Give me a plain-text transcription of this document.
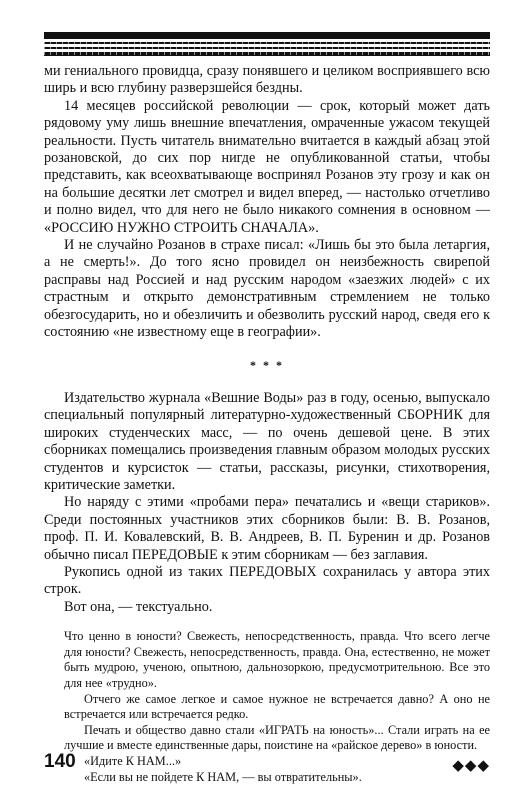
ми гениального провидца, сразу понявшего и целиком восприявшего всю ширь и всю глубину разверзшейся бездны.

14 месяцев российской революции — срок, который может дать рядовому уму лишь внешние впечатления, омраченные ужасом текущей реальности. Пусть читатель внимательно вчитается в каждый абзац этой розановской, до сих пор нигде не опубликованной статьи, чтобы представить, как всеохватывающе воспринял Розанов эту грозу и как он на большие десятки лет смотрел и видел вперед, — настолько отчетливо и полно видел, что для него не было никакого сомнения в основном — «РОССИЮ НУЖНО СТРОИТЬ СНАЧАЛА».

И не случайно Розанов в страхе писал: «Лишь бы это была летаргия, а не смерть!». До того ясно провидел он неизбежность свирепой расправы над Россией и над русским народом «заезжих людей» с их страстным и открыто демонстративным стремлением не только обезгосударить, но и обезличить и обезволить русский народ, сведя его к состоянию «не известному еще в географии».

* * *

Издательство журнала «Вешние Воды» раз в году, осенью, выпускало специальный популярный литературно-художественный СБОРНИК для широких студенческих масс, — по очень дешевой цене. В этих сборниках помещались произведения главным образом молодых русских студентов и курсисток — статьи, рассказы, рисунки, стихотворения, критические заметки.

Но наряду с этими «пробами пера» печатались и «вещи стариков». Среди постоянных участников этих сборников были: В. В. Розанов, проф. П. И. Ковалевский, В. В. Андреев, В. П. Буренин и др. Розанов обычно писал ПЕРЕДОВЫЕ к этим сборникам — без заглавия.

Рукопись одной из таких ПЕРЕДОВЫХ сохранилась у автора этих строк.

Вот она, — текстуально.

Что ценно в юности? Свежесть, непосредственность, правда. Что всего легче для юности? Свежесть, непосредственность, правда. Она, естественно, не может быть мудрою, ученою, опытною, дальнозоркою, предусмотрительною. Все это для нее «трудно».

Отчего же самое легкое и самое нужное не встречается давно? А оно не встречается или встречается редко.

Печать и общество давно стали «ИГРАТЬ на юность»... Стали играть на ее лучшие и вместе единственные дары, поистине на «райское дерево» в юности.

«Идите К НАМ...»

«Если вы не пойдете К НАМ, — вы отвратительны».

140	◆◆◆
